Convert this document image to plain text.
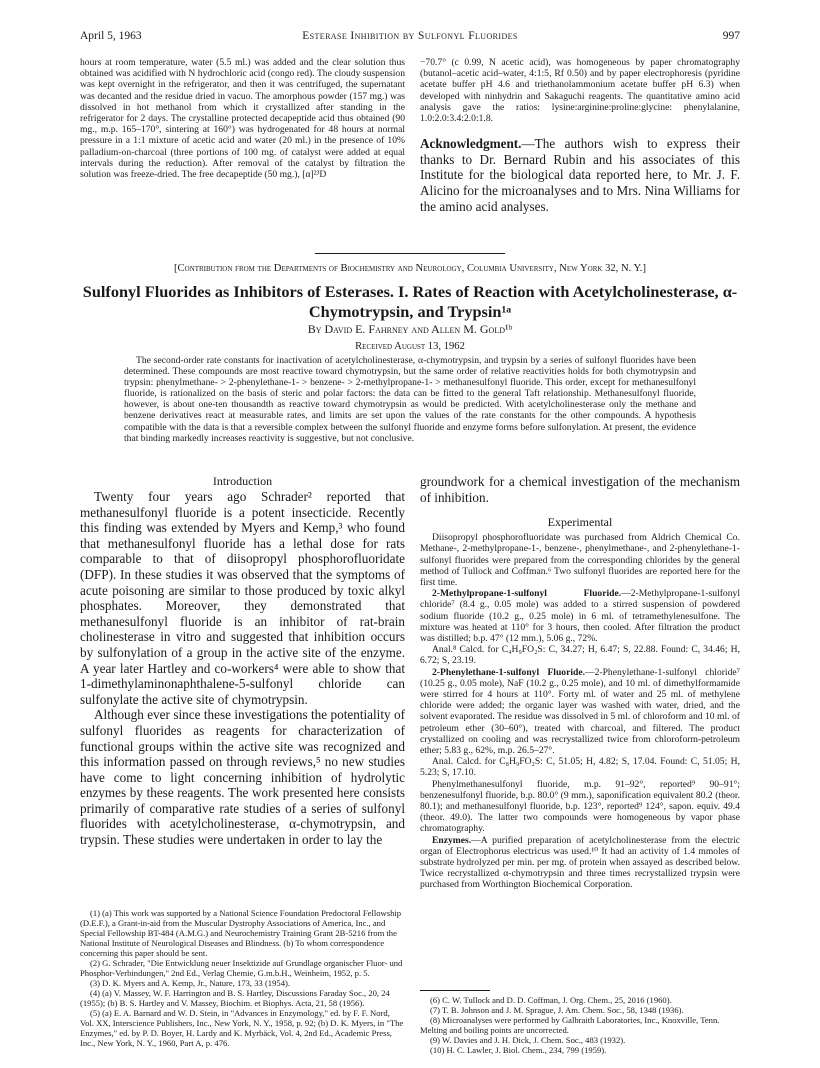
April 5, 1963	Esterase Inhibition by Sulfonyl Fluorides	997
hours at room temperature, water (5.5 ml.) was added and the clear solution thus obtained was acidified with N hydrochloric acid (congo red). The cloudy suspension was kept overnight in the refrigerator, and then it was centrifuged, the supernatant was decanted and the residue dried in vacuo. The amorphous powder (157 mg.) was dissolved in hot methanol from which it crystallized after standing in the refrigerator for 2 days. The crystalline protected decapeptide acid thus obtained (90 mg., m.p. 165–170°, sintering at 160°) was hydrogenated for 48 hours at normal pressure in a 1:1 mixture of acetic acid and water (20 ml.) in the presence of 10% palladium-on-charcoal (three portions of 100 mg. of catalyst were added at equal intervals during the reduction). After removal of the catalyst by filtration the solution was freeze-dried. The free decapeptide (50 mg.), [α]²³D

−70.7° (c 0.99, N acetic acid), was homogeneous by paper chromatography (butanol–acetic acid–water, 4:1:5, Rf 0.50) and by paper electrophoresis (pyridine acetate buffer pH 4.6 and triethanolammonium acetate buffer pH 6.3) when developed with ninhydrin and Sakaguchi reagents. The quantitative amino acid analysis gave the ratios: lysine:arginine:proline:glycine: phenylalanine, 1.0:2.0:3.4:2.0:1.8.

Acknowledgment.—The authors wish to express their thanks to Dr. Bernard Rubin and his associates of this Institute for the biological data reported here, to Mr. J. F. Alicino for the microanalyses and to Mrs. Nina Williams for the amino acid analyses.

[Contribution from the Departments of Biochemistry and Neurology, Columbia University, New York 32, N. Y.]
Sulfonyl Fluorides as Inhibitors of Esterases. I. Rates of Reaction with Acetylcholinesterase, α-Chymotrypsin, and Trypsin¹ᵃ
By David E. Fahrney and Allen M. Gold¹ᵇ
Received August 13, 1962
The second-order rate constants for inactivation of acetylcholinesterase, α-chymotrypsin, and trypsin by a series of sulfonyl fluorides have been determined. These compounds are most reactive toward chymotrypsin, but the same order of relative reactivities holds for both chymotrypsin and trypsin: phenylmethane- > 2-phenylethane-1- > benzene- > 2-methylpropane-1- > methanesulfonyl fluoride. This order, except for methanesulfonyl fluoride, is rationalized on the basis of steric and polar factors: the data can be fitted to the general Taft relationship. Methanesulfonyl fluoride, however, is about one-ten thousandth as reactive toward chymotrypsin as would be predicted. With acetylcholinesterase only the methane and benzene derivatives react at measurable rates, and limits are set upon the values of the rate constants for the other compounds. A hypothesis compatible with the data is that a reversible complex between the sulfonyl fluoride and enzyme forms before sulfonylation. At present, the evidence that binding markedly increases reactivity is suggestive, but not conclusive.
Introduction

Twenty four years ago Schrader² reported that methanesulfonyl fluoride is a potent insecticide. Recently this finding was extended by Myers and Kemp,³ who found that methanesulfonyl fluoride has a lethal dose for rats comparable to that of diisopropyl phosphorofluoridate (DFP). In these studies it was observed that the symptoms of acute poisoning are similar to those produced by toxic alkyl phosphates. Moreover, they demonstrated that methanesulfonyl fluoride is an inhibitor of rat-brain cholinesterase in vitro and suggested that inhibition occurs by sulfonylation of a group in the active site of the enzyme. A year later Hartley and co-workers⁴ were able to show that 1-dimethylaminonaphthalene-5-sulfonyl chloride can sulfonylate the active site of chymotrypsin.

Although ever since these investigations the potentiality of sulfonyl fluorides as reagents for characterization of functional groups within the active site was recognized and this information passed on through reviews,⁵ no new studies have come to light concerning inhibition of hydrolytic enzymes by these reagents. The work presented here consists primarily of comparative rate studies of a series of sulfonyl fluorides with acetylcholinesterase, α-chymotrypsin, and trypsin. These studies were undertaken in order to lay the

groundwork for a chemical investigation of the mechanism of inhibition.

Experimental

Diisopropyl phosphorofluoridate was purchased from Aldrich Chemical Co. Methane-, 2-methylpropane-1-, benzene-, phenylmethane-, and 2-phenylethane-1-sulfonyl fluorides were prepared from the corresponding chlorides by the general method of Tullock and Coffman.⁶ Two sulfonyl fluorides are reported here for the first time.

2-Methylpropane-1-sulfonyl Fluoride.—2-Methylpropane-1-sulfonyl chloride⁷ (8.4 g., 0.05 mole) was added to a stirred suspension of powdered sodium fluoride (10.2 g., 0.25 mole) in 6 ml. of tetramethylenesulfone. The mixture was heated at 110° for 3 hours, then cooled. After filtration the product was distilled; b.p. 47° (12 mm.), 5.06 g., 72%.

Anal.⁸ Calcd. for C₄H₉FO₂S: C, 34.27; H, 6.47; S, 22.88. Found: C, 34.46; H, 6.72; S, 23.19.

2-Phenylethane-1-sulfonyl Fluoride.—2-Phenylethane-1-sulfonyl chloride⁷ (10.25 g., 0.05 mole), NaF (10.2 g., 0.25 mole), and 10 ml. of dimethylformamide were stirred for 4 hours at 110°. Forty ml. of water and 25 ml. of methylene chloride were added; the organic layer was washed with water, dried, and the solvent evaporated. The residue was dissolved in 5 ml. of chloroform and 10 ml. of petroleum ether (30–60°), treated with charcoal, and filtered. The product crystallized on cooling and was recrystallized twice from chloroform-petroleum ether; 5.83 g., 62%, m.p. 26.5–27°.

Anal. Calcd. for C₈H₉FO₂S: C, 51.05; H, 4.82; S, 17.04. Found: C, 51.05; H, 5.23; S, 17.10.

Phenylmethanesulfonyl fluoride, m.p. 91–92°, reported⁹ 90–91°; benzenesulfonyl fluoride, b.p. 80.0° (9 mm.), saponification equivalent 80.2 (theor. 80.1); and methanesulfonyl fluoride, b.p. 123°, reported⁹ 124°, sapon. equiv. 49.4 (theor. 49.0). The latter two compounds were homogeneous by vapor phase chromatography.

Enzymes.—A purified preparation of acetylcholinesterase from the electric organ of Electrophorus electricus was used.¹⁰ It had an activity of 1.4 mmoles of substrate hydrolyzed per min. per mg. of protein when assayed as described below. Twice recrystallized α-chymotrypsin and three times recrystallized trypsin were purchased from Worthington Biochemical Corporation.

(1) (a) This work was supported by a National Science Foundation Predoctoral Fellowship (D.E.F.), a Grant-in-aid from the Muscular Dystrophy Associations of America, Inc., and Special Fellowship BT-484 (A.M.G.) and Neurochemistry Training Grant 2B-5216 from the National Institute of Neurological Diseases and Blindness. (b) To whom correspondence concerning this paper should be sent.

(2) G. Schrader, "Die Entwicklung neuer Insektizide auf Grundlage organischer Fluor- und Phosphor-Verbindungen," 2nd Ed., Verlag Chemie, G.m.b.H., Weinheim, 1952, p. 5.

(3) D. K. Myers and A. Kemp, Jr., Nature, 173, 33 (1954).

(4) (a) V. Massey, W. F. Harrington and B. S. Hartley, Discussions Faraday Soc., 20, 24 (1955); (b) B. S. Hartley and V. Massey, Biochim. et Biophys. Acta, 21, 58 (1956).

(5) (a) E. A. Barnard and W. D. Stein, in "Advances in Enzymology," ed. by F. F. Nord, Vol. XX, Interscience Publishers, Inc., New York, N. Y., 1958, p. 92; (b) D. K. Myers, in "The Enzymes," ed. by P. D. Boyer, H. Lardy and K. Myrbäck, Vol. 4, 2nd Ed., Academic Press, Inc., New York, N. Y., 1960, Part A, p. 476.

(6) C. W. Tullock and D. D. Coffman, J. Org. Chem., 25, 2016 (1960).

(7) T. B. Johnson and J. M. Sprague, J. Am. Chem. Soc., 58, 1348 (1936).

(8) Microanalyses were performed by Galbraith Laboratories, Inc., Knoxville, Tenn. Melting and boiling points are uncorrected.

(9) W. Davies and J. H. Dick, J. Chem. Soc., 483 (1932).

(10) H. C. Lawler, J. Biol. Chem., 234, 799 (1959).
